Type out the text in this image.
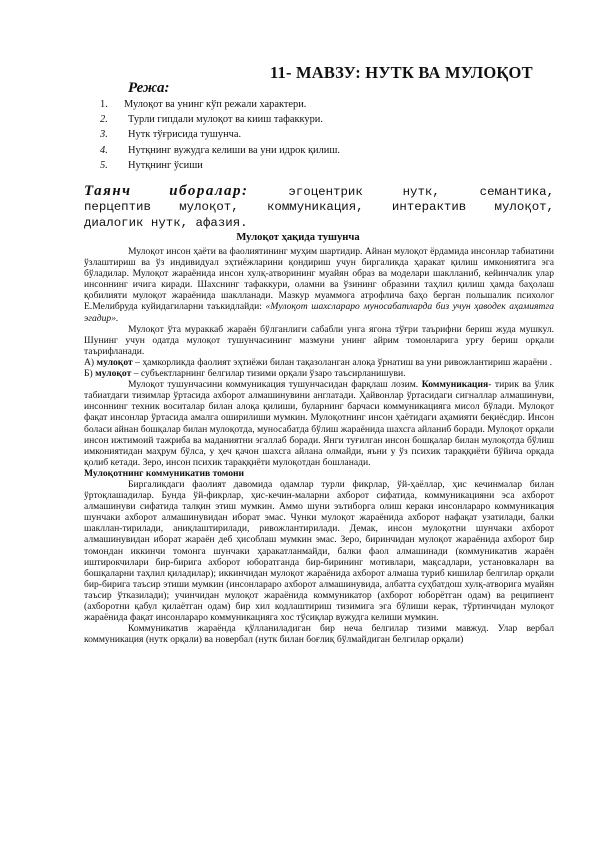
11- МАВЗУ: НУТК ВА МУЛОҚОТ
Режа:
1. Мулоқот ва унинг кўп режали характери.
2. Турли гипдали мулоқот ва кииш тафаккури.
3. Нутк тўғрисида тушунча.
4. Нутқнинг вужудга келиши ва уни идрок қилиш.
5. Нутқнинг ўсиши
Таянч иборалар:	эгоцентрик нутк, семантика,
перцептив мулоқот, коммуникация, интерактив мулоқот,
диалогик нутк, афазия.
Мулоқот ҳақида тушунча

Мулоқот инсон ҳаёти ва фаолиятининг муҳим шартидир. Айнан мулоқот ёрдамида инсонлар табиатини ўзлаштириш ва ўз индивидуал эҳтиёжларини қондириш учун биргаликда ҳаракат қилиш имкониятига эга бўладилар. Мулоқот жараёнида инсон хулқ-атворининг муайян образ ва моделари шаклланиб, кейинчалик улар инсоннинг ичига киради. Шахснинг тафаккури, оламни ва ўзининг образини таҳлил қилиш ҳамда баҳолаш қобилияти мулоқот жараёнида шаклланади. Мазкур муаммога атрофлича баҳо берган польшалик психолог Е.Мелибруда куйидагиларни таъкидлайди: «Мулоқот шахслараро муносабатларда биз учун ҳаводек аҳамиятга эгадир».

Мулоқот ўта мураккаб жараён бўлганлиги сабабли унга ягона тўғри таърифни бериш жуда мушкул. Шунинг учун одатда мулоқот тушунчасининг мазмуни унинг айрим томонларига урғу бериш орқали таърифланади.

А) мулоқот – ҳамкорликда фаолият эҳтиёжи билан тақазоланган алоқа ўрнатиш ва уни ривожлантириш жараёни .

Б) мулоқот – субъектларнинг белгилар тизими орқали ўзаро таъсирланишуви.

Мулоқот тушунчасини коммуникация тушунчасидан фарқлаш лозим. Коммуникация- тирик ва ўлик табиатдаги тизимлар ўртасида ахборот алмашинувини англатади. Ҳайвонлар ўртасидаги сигналлар алмашинуви, инсоннинг техник воситалар билан алоқа қилиши, буларнинг барчаси коммуникацияга мисол бўлади. Мулоқот фақат инсонлар ўртасида амалга оширилиши мумкин. Мулоқотнинг инсон ҳаётидаги аҳамияти беқиёсдир. Инсон боласи айнан бошқалар билан мулоқотда, муносабатда бўлиш жараёнида шахсга айланиб боради. Мулоқот орқали инсон ижтимоий тажриба ва маданиятни эгаллаб боради. Янги туғилган инсон бошқалар билан мулоқотда бўлиш имкониятидан маҳрум бўлса, у ҳеч қачон шахсга айлана олмайди, яъни у ўз психик тараққиёти бўйича орқада қолиб кетади. Зеро, инсон психик тараққиёти мулоқотдан бошланади.

Мулоқотнинг коммуникатив томони

Биргаликдаги фаолият давомида одамлар турли фикрлар, ўй-ҳаёллар, ҳис кечинмалар билан ўртоқлашадилар. Бунда ўй-фикрлар, ҳис-кечин-маларни ахборот сифатида, коммуникацияни эса ахборот алмашинуви сифатида талқин этиш мумкин. Аммо шуни эътиборга олиш кераки инсонлараро коммуникация шунчаки ахборот алмашинувидан иборат эмас. Чунки мулоқот жараёнида ахборот нафақат узатилади, балки шакллан-тирилади, аниқлаштирилади, ривожлантирилади. Демак, инсон мулоқотни шунчаки ахборот алмашинувидан иборат жараён деб ҳисоблаш мумкин эмас. Зеро, биринчидан мулоқот жараёнида ахборот бир томондан иккинчи томонга шунчаки ҳаракатланмайди, балки фаол алмашинади (коммуникатив жараён иштирокчилари бир-бирига ахборот юборатганда бир-бирининг мотивлари, мақсадлари, установкаларн ва бошқаларни таҳлил қиладилар); иккинчидан мулоқот жараёнида ахборот алмаша туриб кишилар белгилар орқали бир-бирига таъсир этиши мумкин (инсонлараро ахборот алмашинувида, албатта суҳбатдош хулқ-атворига муайян таъсир ўтказилади); учинчидан мулоқот жараёнида коммуникатор (ахборот юборётган одам) ва реципиент (ахборотни қабул қилаётган одам) бир хил кодлаштириш тизимига эга бўлиши керак, тўртинчидан мулоқот жараёнида фақат инсонлараро коммуникацияга хос тўсиқлар вужудга келиши мумкин.

Коммуникатив жараёнда қўлланиладиган бир неча белгилар тизими мавжуд. Улар вербал коммуникация (нутк орқали) ва новербал (нутк билан боғлиқ бўлмайдиган белгилар орқали)
